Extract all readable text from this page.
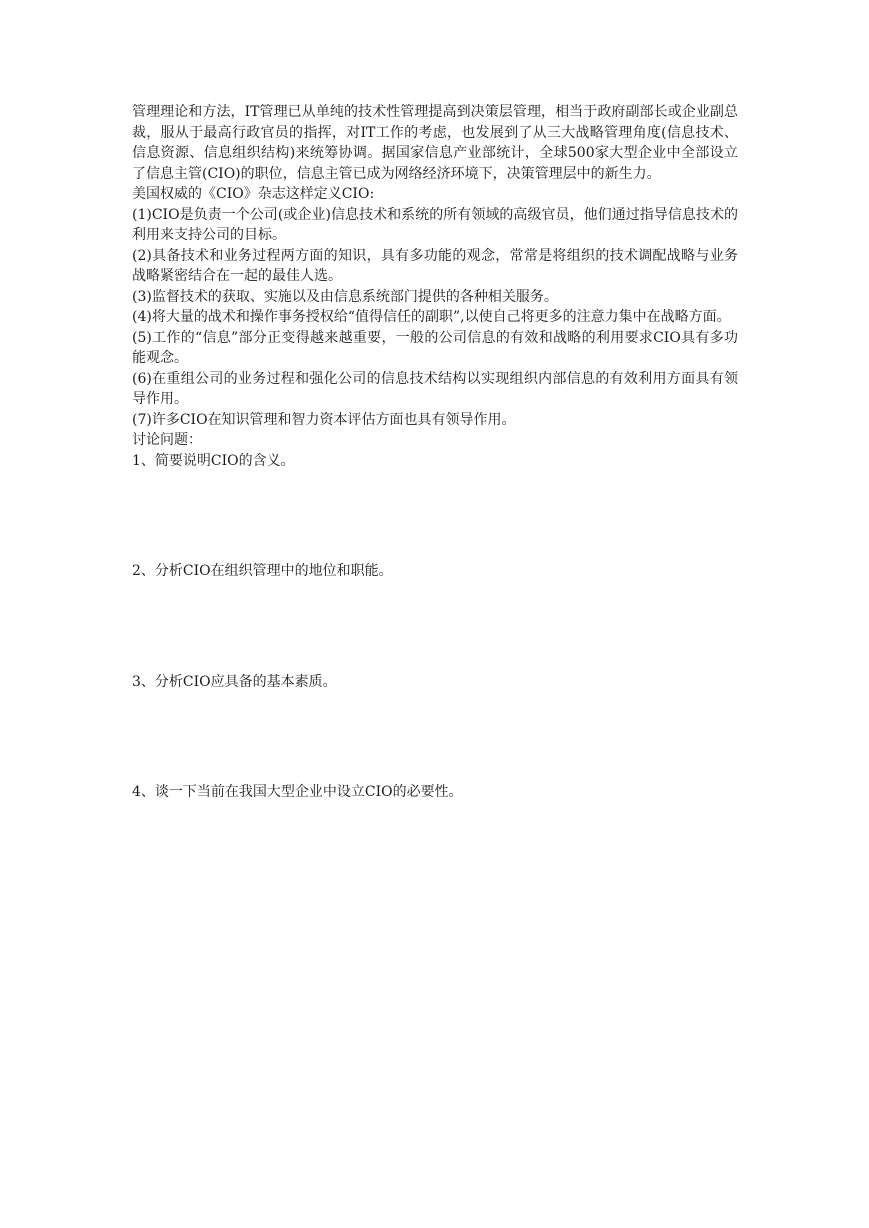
管理理论和方法，IT管理已从单纯的技术性管理提高到决策层管理，相当于政府副部长或企业副总裁，服从于最高行政官员的指挥，对IT工作的考虑，也发展到了从三大战略管理角度(信息技术、信息资源、信息组织结构)来统筹协调。据国家信息产业部统计，全球500家大型企业中全部设立了信息主管(CIO)的职位，信息主管已成为网络经济环境下，决策管理层中的新生力。

美国权威的《CIO》杂志这样定义CIO:

(1)CIO是负责一个公司(或企业)信息技术和系统的所有领域的高级官员，他们通过指导信息技术的利用来支持公司的目标。

(2)具备技术和业务过程两方面的知识，具有多功能的观念，常常是将组织的技术调配战略与业务战略紧密结合在一起的最佳人选。

(3)监督技术的获取、实施以及由信息系统部门提供的各种相关服务。

(4)将大量的战术和操作事务授权给“值得信任的副职”,以使自己将更多的注意力集中在战略方面。

(5)工作的“信息”部分正变得越来越重要，一般的公司信息的有效和战略的利用要求CIO具有多功能观念。

(6)在重组公司的业务过程和强化公司的信息技术结构以实现组织内部信息的有效利用方面具有领导作用。

(7)许多CIO在知识管理和智力资本评估方面也具有领导作用。

讨论问题：

1、简要说明CIO的含义。

2、分析CIO在组织管理中的地位和职能。

3、分析CIO应具备的基本素质。

4、谈一下当前在我国大型企业中设立CIO的必要性。
